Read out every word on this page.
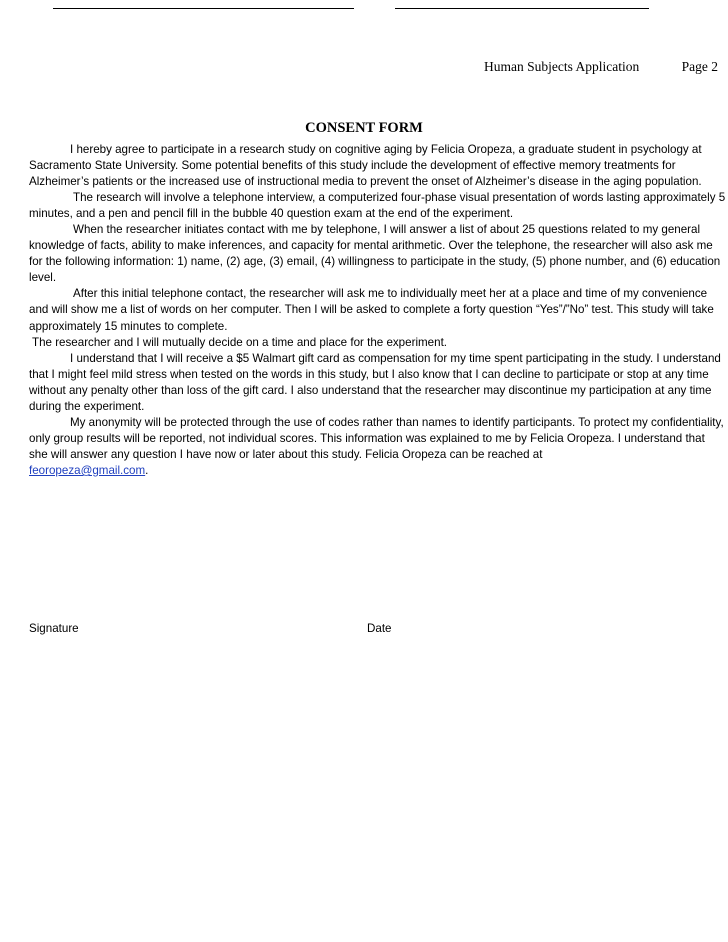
Human Subjects Application	Page 2
CONSENT FORM

I hereby agree to participate in a research study on cognitive aging by Felicia Oropeza, a graduate student in psychology at Sacramento State University. Some potential benefits of this study include the development of effective memory treatments for Alzheimer’s patients or the increased use of instructional media to prevent the onset of Alzheimer’s disease in the aging population.

The research will involve a telephone interview, a computerized four-phase visual presentation of words lasting approximately 5 minutes, and a pen and pencil fill in the bubble 40 question exam at the end of the experiment.

When the researcher initiates contact with me by telephone, I will answer a list of about 25 questions related to my general knowledge of facts, ability to make inferences, and capacity for mental arithmetic. Over the telephone, the researcher will also ask me for the following information: 1) name, (2) age, (3) email, (4) willingness to participate in the study, (5) phone number, and (6) education level.

After this initial telephone contact, the researcher will ask me to individually meet her at a place and time of my convenience and will show me a list of words on her computer. Then I will be asked to complete a forty question “Yes”/”No” test. This study will take approximately 15 minutes to complete.

The researcher and I will mutually decide on a time and place for the experiment.

I understand that I will receive a $5 Walmart gift card as compensation for my time spent participating in the study. I understand that I might feel mild stress when tested on the words in this study, but I also know that I can decline to participate or stop at any time without any penalty other than loss of the gift card. I also understand that the researcher may discontinue my participation at any time during the experiment.

My anonymity will be protected through the use of codes rather than names to identify participants. To protect my confidentiality, only group results will be reported, not individual scores. This information was explained to me by Felicia Oropeza. I understand that she will answer any question I have now or later about this study. Felicia Oropeza can be reached at
feoropeza@gmail.com.

Signature	Date
